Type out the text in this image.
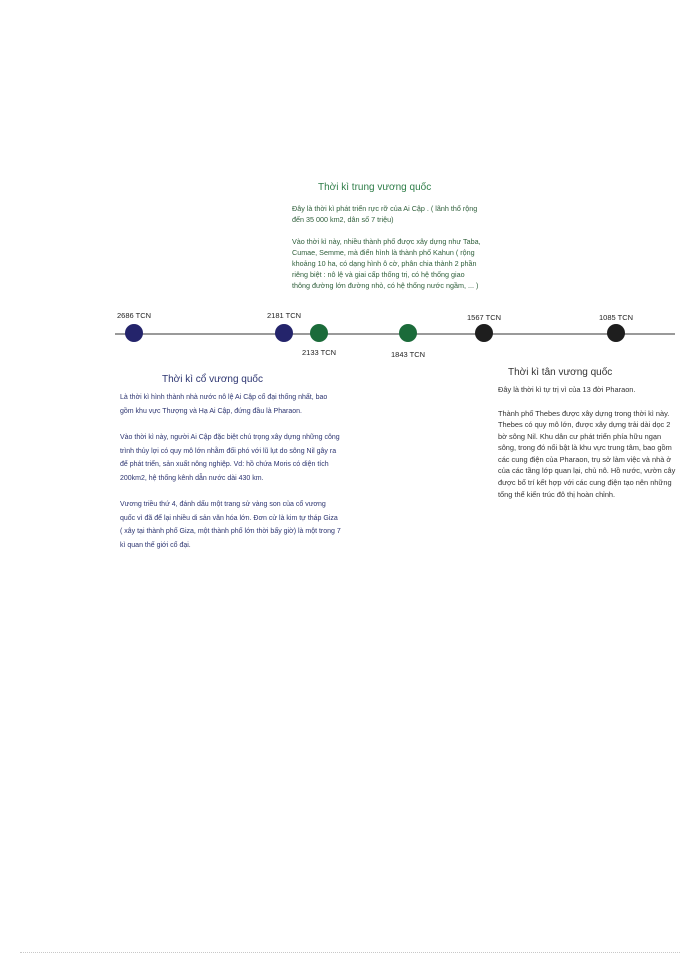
Thời kì trung vương quốc

Đây là thời kì phát triển rực rỡ của Ai Cập . ( lãnh thổ rộng đến 35 000 km2, dân số 7 triệu)

Vào thời kì này, nhiều thành phố được xây dựng như Taba, Cumae, Semme, mà điển hình là thành phố Kahun ( rộng khoảng 10 ha, có dạng hình ô cờ, phân chia thành 2 phần riêng biệt : nô lệ và giai cấp thống trị, có hệ thống giao thông đường lớn đường nhỏ, có hệ thống nước ngầm, ... )

2686 TCN	2181 TCN
2133 TCN	1843 TCN
1567 TCN	1085 TCN
Thời kì cổ vương quốc

Là thời kì hình thành nhà nước nô lệ Ai Cập cổ đại thống nhất, bao gồm khu vực Thượng và Hạ Ai Cập, đứng đầu là Pharaon.

Vào thời kì này, người Ai Cập đặc biệt chú trọng xây dựng những công trình thủy lợi có quy mô lớn nhằm đối phó với lũ lụt do sông Nil gây ra để phát triển, sản xuất nông nghiệp. Vd: hồ chứa Moris có diện tích 200km2, hệ thống kênh dẫn nước dài 430 km.

Vương triều thứ 4, đánh dấu một trang sử vàng son của cổ vương quốc vì đã để lại nhiều di sản văn hóa lớn. Đơn cử là kim tự tháp Giza ( xây tại thành phố Giza, một thành phố lớn thời bấy giờ) là một trong 7 kì quan thế giới cổ đại.

Thời kì tân vương quốc

Đây là thời kì tự trị vì của 13 đời Pharaon.

Thành phố Thebes được xây dựng trong thời kì này. Thebes có quy mô lớn, được xây dựng trải dài dọc 2 bờ sông Nil. Khu dân cư phát triển phía hữu ngạn sông, trong đó nổi bật là khu vực trung tâm, bao gồm các cung điện của Pharaon, trụ sở làm việc và nhà ở của các tầng lớp quan lại, chủ nô. Hồ nước, vườn cây được bố trí kết hợp với các cung điện tạo nên những tổng thể kiến trúc đô thị hoàn chỉnh.
